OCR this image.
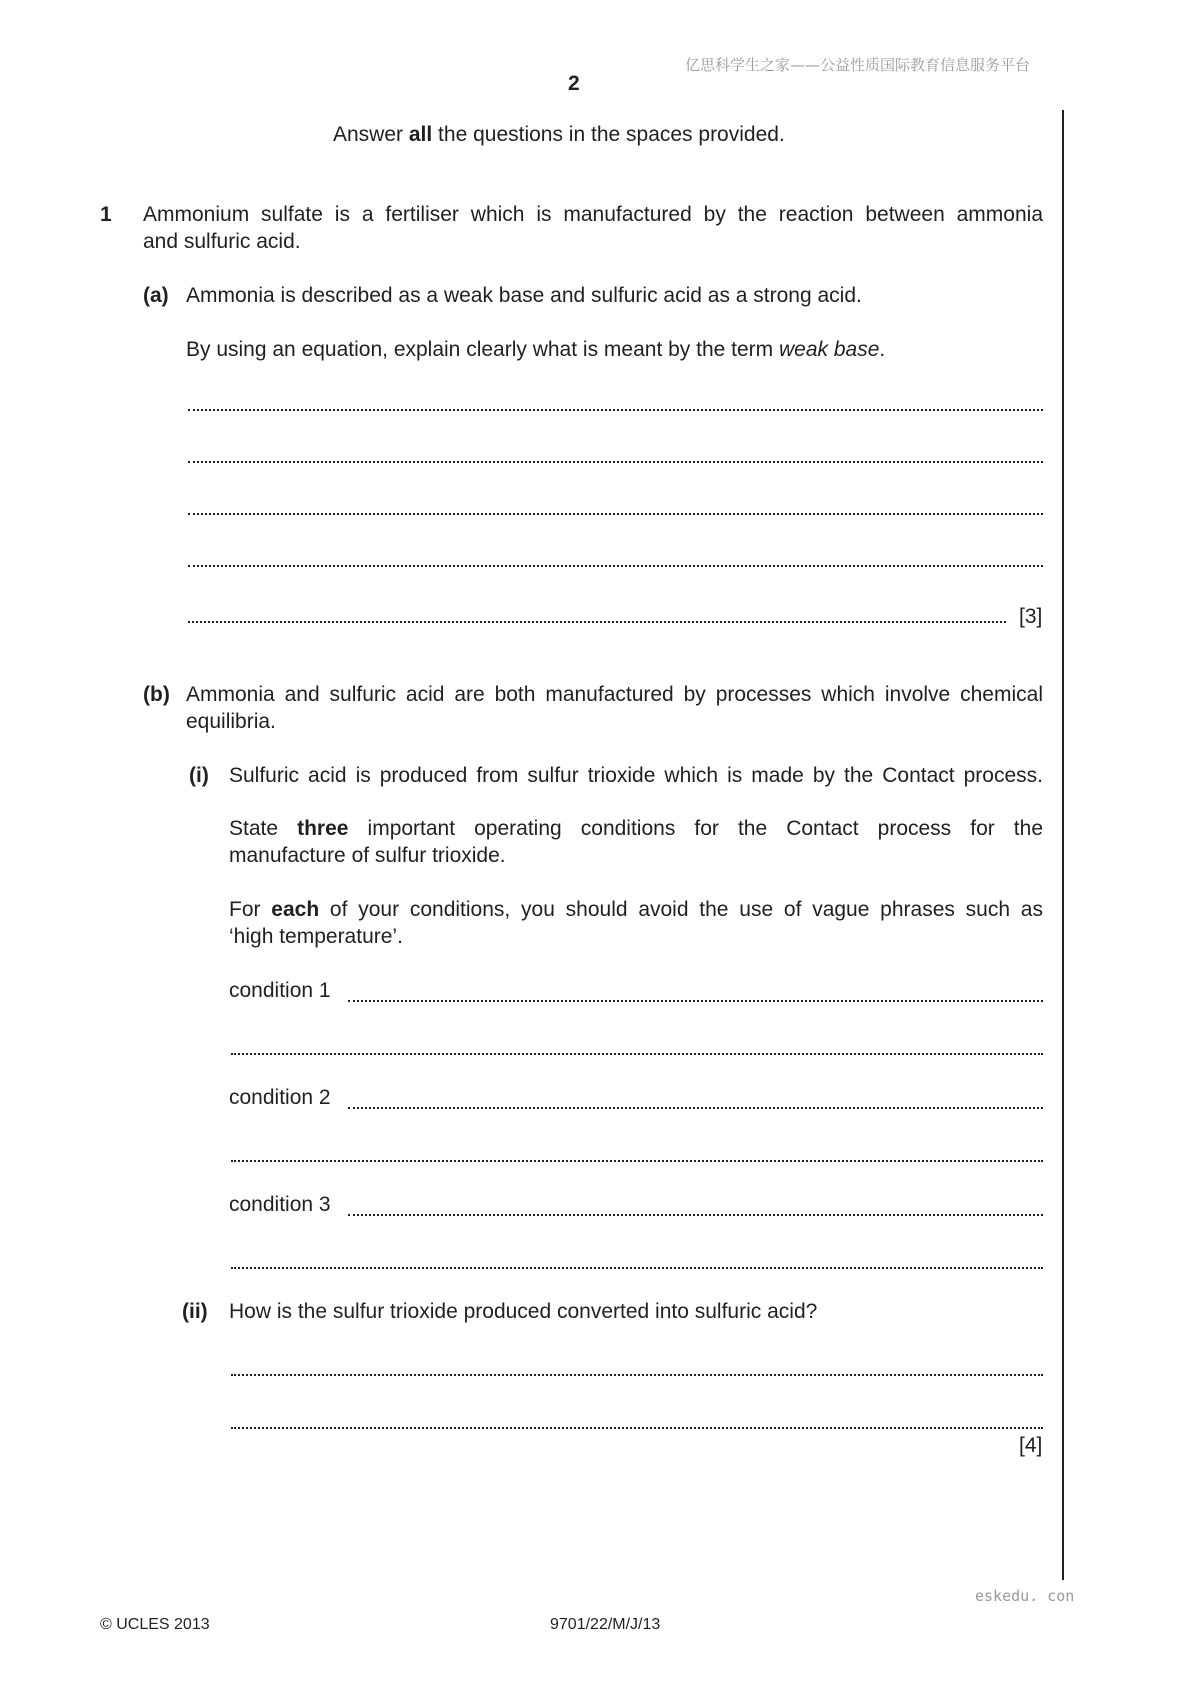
亿思科学生之家——公益性质国际教育信息服务平台
2
Answer all the questions in the spaces provided.
1 Ammonium sulfate is a fertiliser which is manufactured by the reaction between ammonia
and sulfuric acid.
(a) Ammonia is described as a weak base and sulfuric acid as a strong acid.
By using an equation, explain clearly what is meant by the term weak base.
[3]
(b) Ammonia and sulfuric acid are both manufactured by processes which involve chemical
equilibria.
(i) Sulfuric acid is produced from sulfur trioxide which is made by the Contact process.
State three important operating conditions for the Contact process for the
manufacture of sulfur trioxide.
For each of your conditions, you should avoid the use of vague phrases such as
‘high temperature’.
condition 1
condition 2
condition 3
(ii) How is the sulfur trioxide produced converted into sulfuric acid?
[4]
eskedu. con
© UCLES 2013	9701/22/M/J/13
